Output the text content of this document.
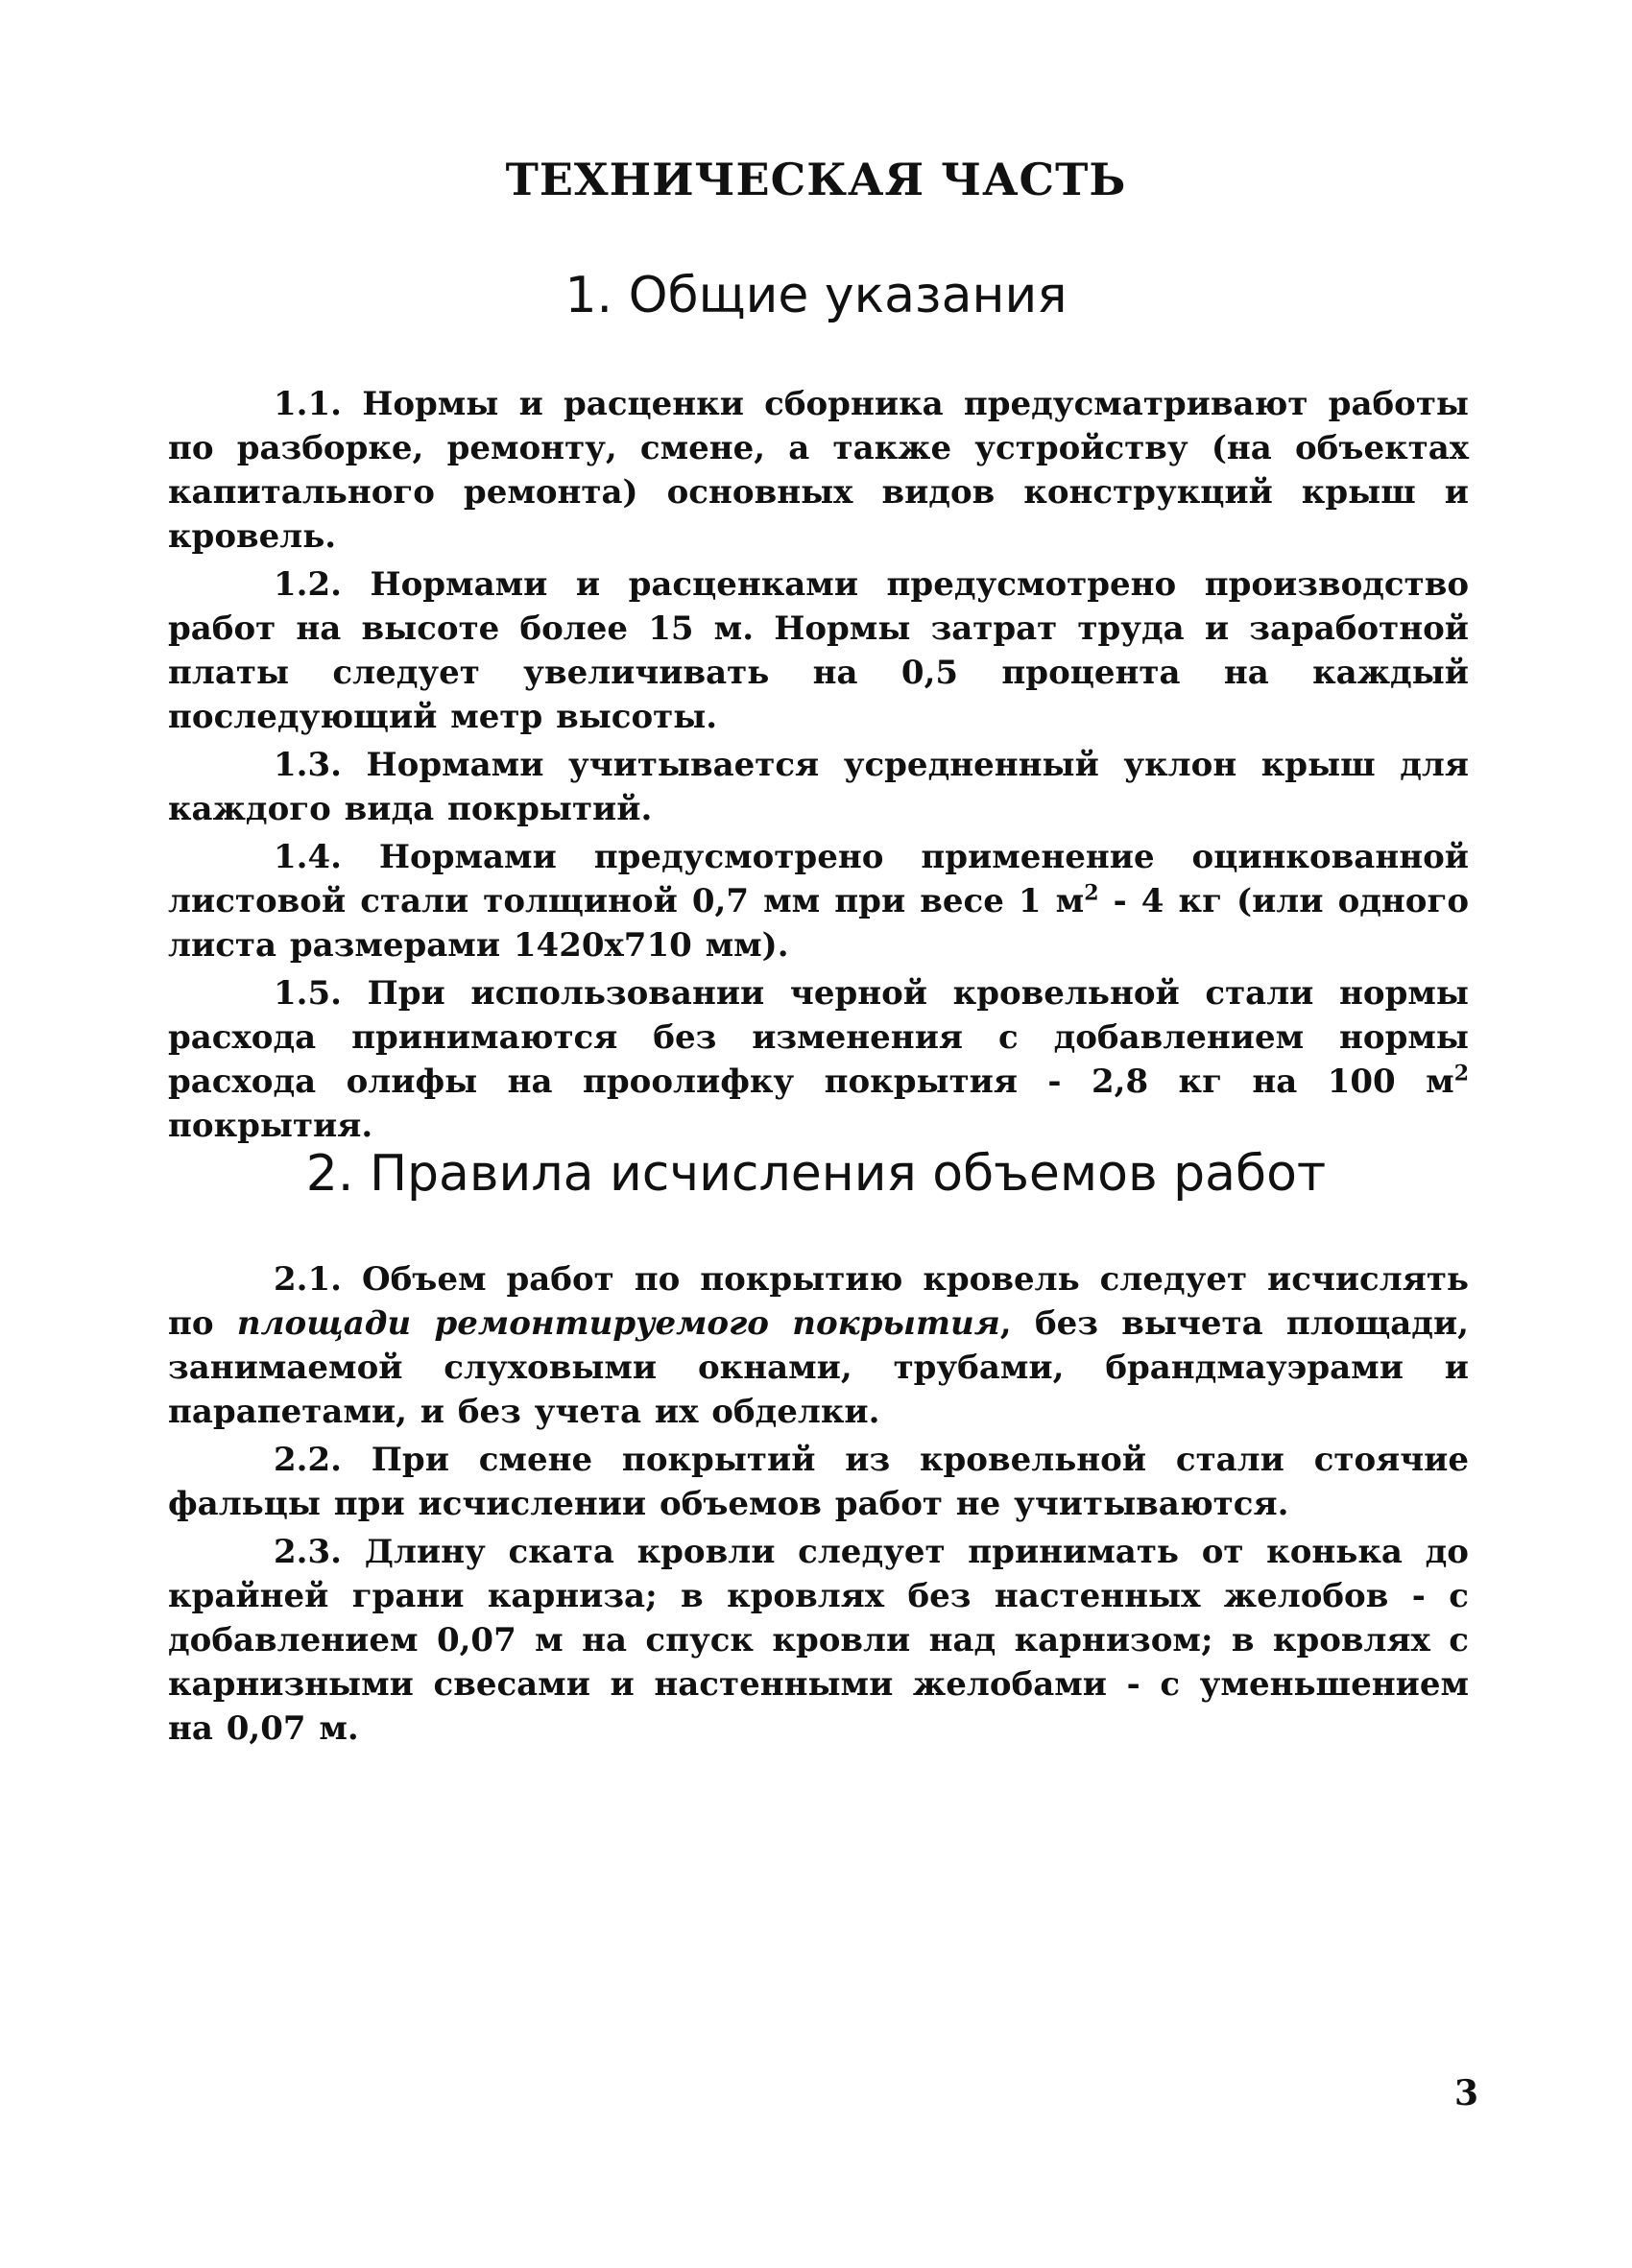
ТЕХНИЧЕСКАЯ ЧАСТЬ
1. Общие указания

1.1. Нормы и расценки сборника предусматривают работы по разборке, ремонту, смене, а также устройству (на объектах капитального ремонта) основных видов конструкций крыш и кровель.

1.2. Нормами и расценками предусмотрено производство работ на высоте более 15 м. Нормы затрат труда и заработной платы следует увеличивать на 0,5 процента на каждый последующий метр высоты.

1.3. Нормами учитывается усредненный уклон крыш для каждого вида покрытий.

1.4. Нормами предусмотрено применение оцинкованной листовой стали толщиной 0,7 мм при весе 1 $м^2 - 4$ кг (или одного листа размерами 1420х710 мм).

1.5. При использовании черной кровельной стали нормы расхода принимаются без изменения с добавлением нормы расхода олифы на проолифку покрытия - 2,8 кг на 100 $м^2$ покрытия.

2. Правила исчисления объемов работ

2.1. Объем работ по покрытию кровель следует исчислять по площади ремонтируемого покрытия, без вычета площади, занимаемой слуховыми окнами, трубами, брандмауэрами и парапетами, и без учета их обделки.

2.2. При смене покрытий из кровельной стали стоячие фальцы при исчислении объемов работ не учитываются.

2.3. Длину ската кровли следует принимать от конька до крайней грани карниза; в кровлях без настенных желобов - с добавлением 0,07 м на спуск кровли над карнизом; в кровлях с карнизными свесами и настенными желобами - с уменьшением на 0,07 м.

3
